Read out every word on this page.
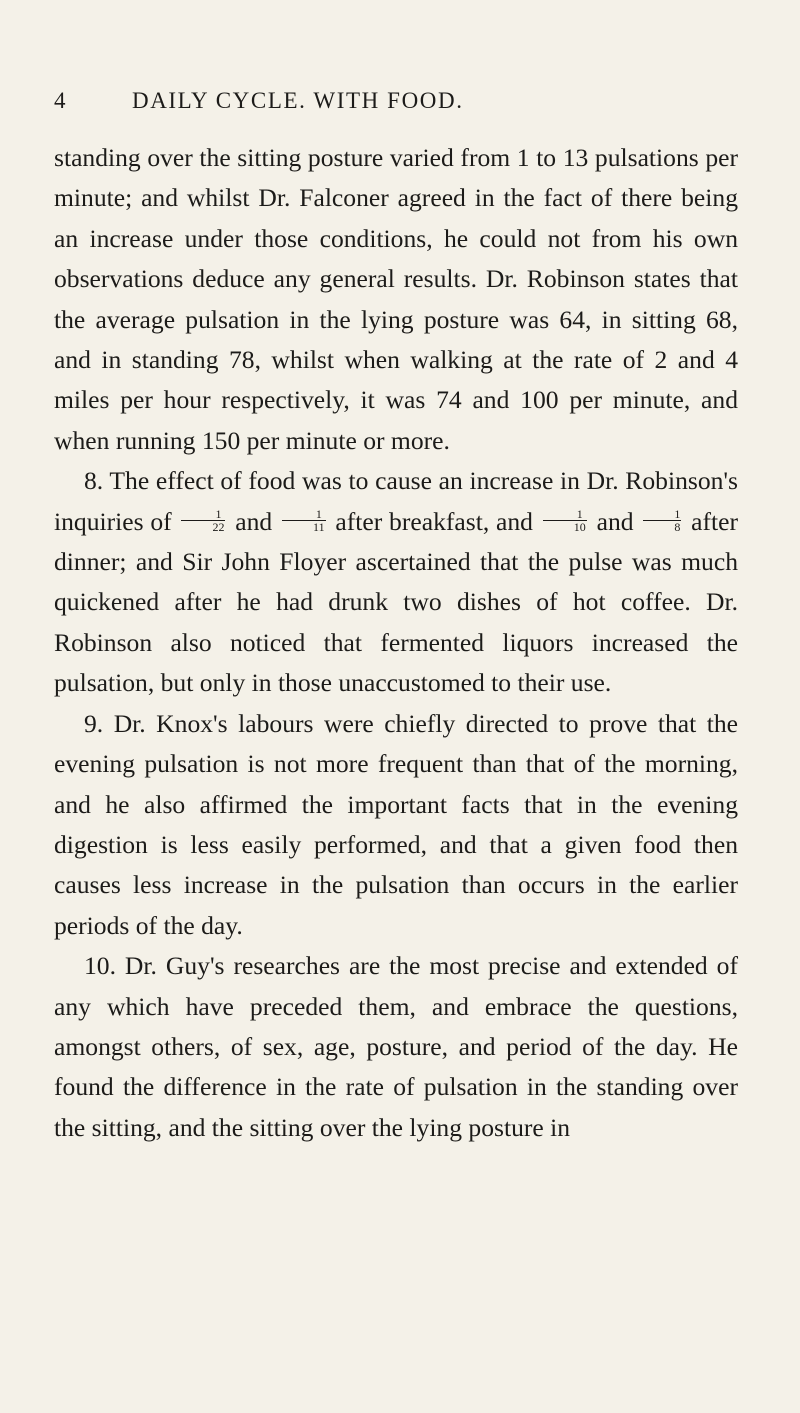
4	DAILY CYCLE. WITH FOOD.

standing over the sitting posture varied from 1 to 13 pulsations per minute; and whilst Dr. Falconer agreed in the fact of there being an increase under those conditions, he could not from his own observations deduce any general results. Dr. Robinson states that the average pulsation in the lying posture was 64, in sitting 68, and in standing 78, whilst when walking at the rate of 2 and 4 miles per hour respectively, it was 74 and 100 per minute, and when running 150 per minute or more.

8. The effect of food was to cause an increase in Dr. Robinson's inquiries of $\frac{1}{22}$ and $\frac{1}{11}$ after breakfast, and $\frac{1}{10}$ and $\frac{1}{8}$ after dinner; and Sir John Floyer ascertained that the pulse was much quickened after he had drunk two dishes of hot coffee. Dr. Robinson also noticed that fermented liquors increased the pulsation, but only in those unaccustomed to their use.

9. Dr. Knox's labours were chiefly directed to prove that the evening pulsation is not more frequent than that of the morning, and he also affirmed the important facts that in the evening digestion is less easily performed, and that a given food then causes less increase in the pulsation than occurs in the earlier periods of the day.

10. Dr. Guy's researches are the most precise and extended of any which have preceded them, and embrace the questions, amongst others, of sex, age, posture, and period of the day. He found the difference in the rate of pulsation in the standing over the sitting, and the sitting over the lying posture in
